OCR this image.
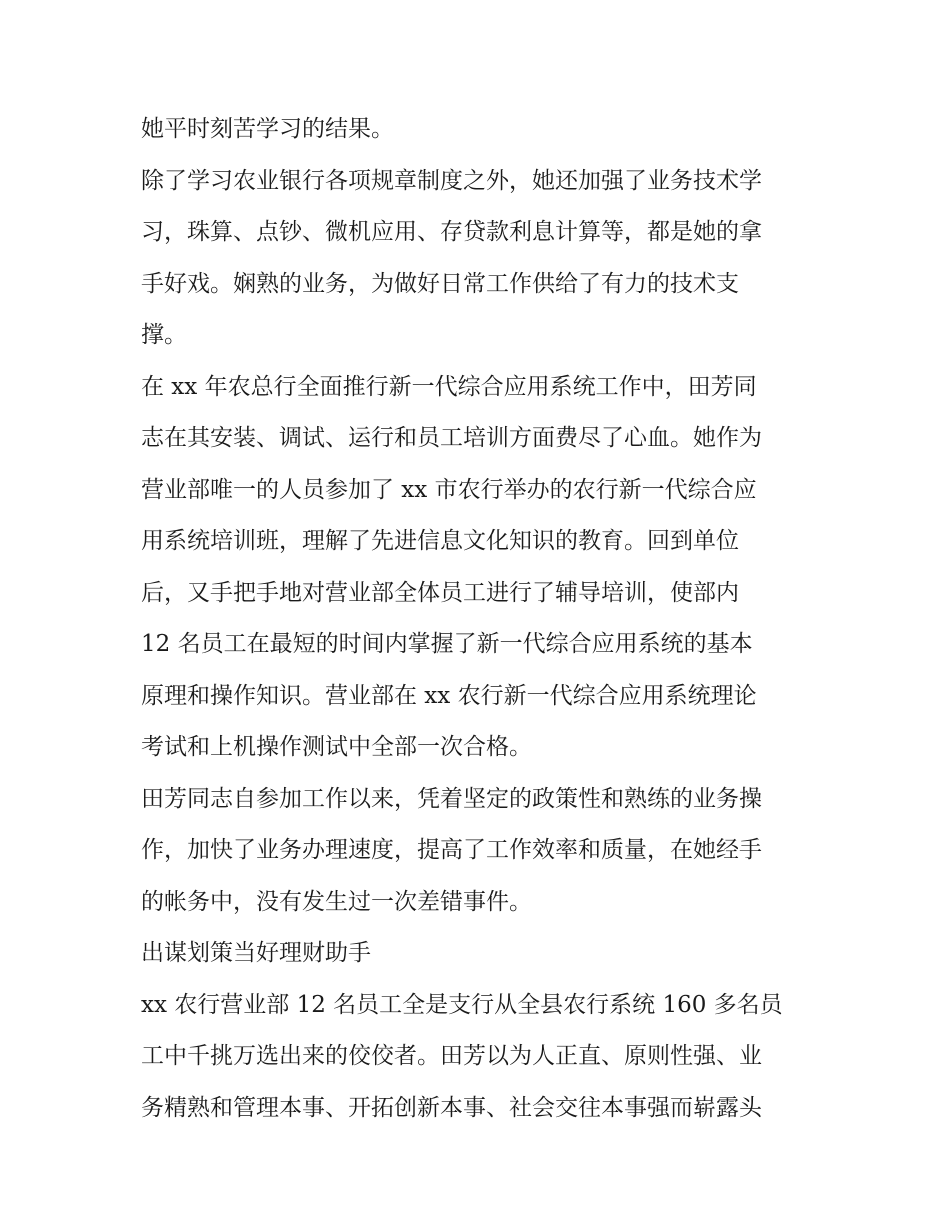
她平时刻苦学习的结果。
除了学习农业银行各项规章制度之外，她还加强了业务技术学
习，珠算、点钞、微机应用、存贷款利息计算等，都是她的拿
手好戏。娴熟的业务，为做好日常工作供给了有力的技术支
撑。
在 xx 年农总行全面推行新一代综合应用系统工作中，田芳同
志在其安装、调试、运行和员工培训方面费尽了心血。她作为
营业部唯一的人员参加了 xx 市农行举办的农行新一代综合应
用系统培训班，理解了先进信息文化知识的教育。回到单位
后，又手把手地对营业部全体员工进行了辅导培训，使部内
12 名员工在最短的时间内掌握了新一代综合应用系统的基本
原理和操作知识。营业部在 xx 农行新一代综合应用系统理论
考试和上机操作测试中全部一次合格。
田芳同志自参加工作以来，凭着坚定的政策性和熟练的业务操
作，加快了业务办理速度，提高了工作效率和质量，在她经手
的帐务中，没有发生过一次差错事件。
出谋划策当好理财助手
xx 农行营业部 12 名员工全是支行从全县农行系统 160 多名员
工中千挑万选出来的佼佼者。田芳以为人正直、原则性强、业
务精熟和管理本事、开拓创新本事、社会交往本事强而崭露头
